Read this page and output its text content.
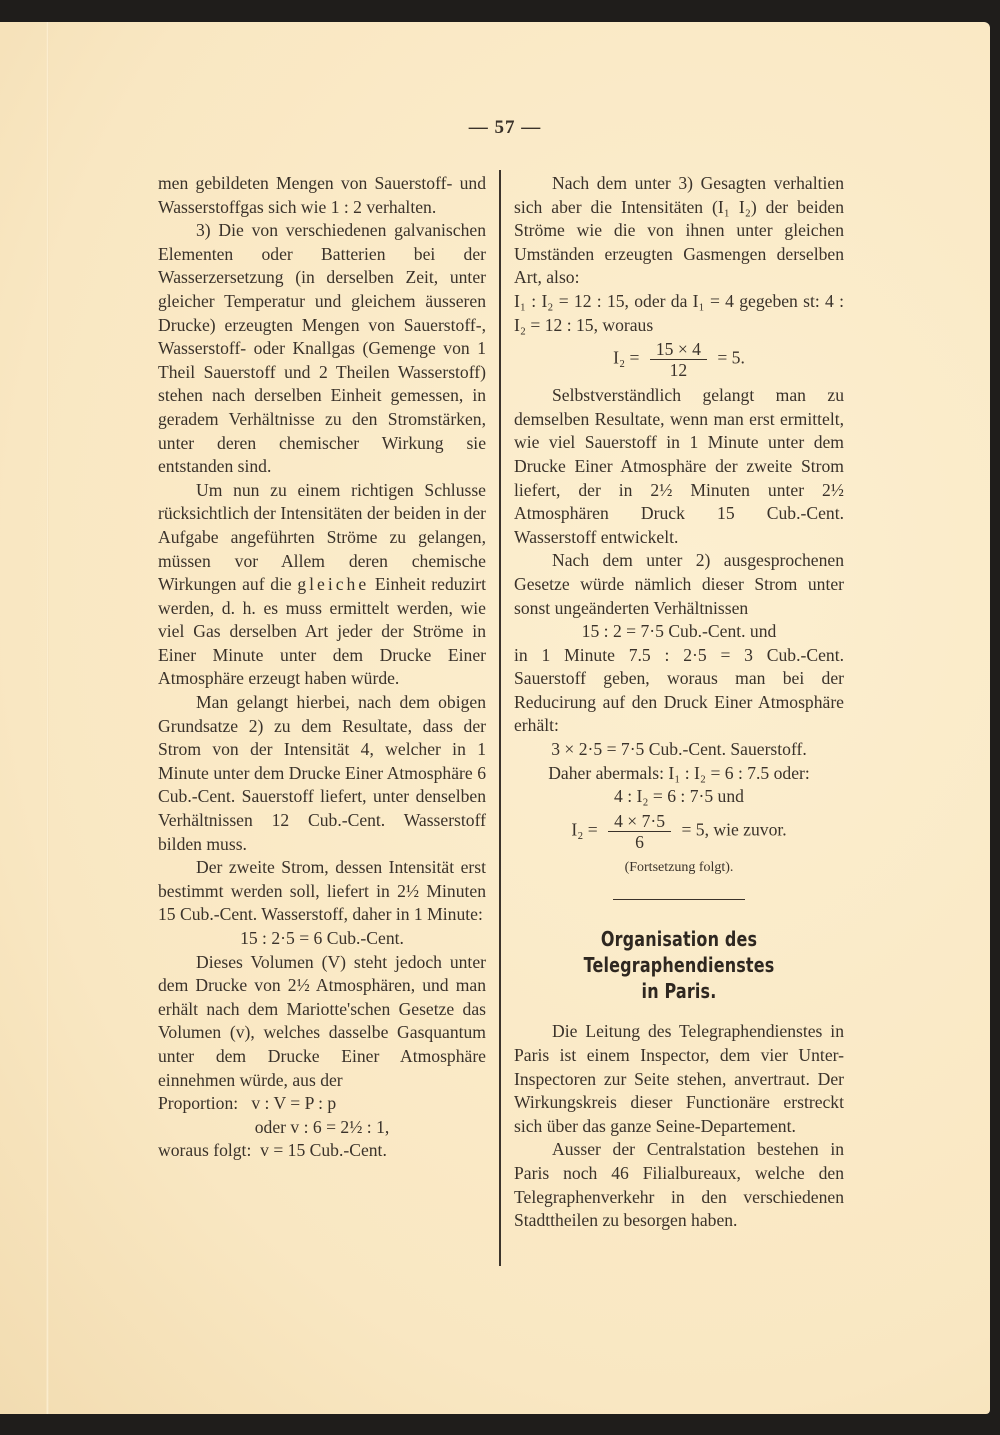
— 57 —

men gebildeten Mengen von Sauerstoff- und Wasserstoffgas sich wie 1 : 2 verhalten.

3) Die von verschiedenen galvanischen Elementen oder Batterien bei der Wasserzersetzung (in derselben Zeit, unter gleicher Temperatur und gleichem äusseren Drucke) erzeugten Mengen von Sauerstoff-, Wasserstoff- oder Knallgas (Gemenge von 1 Theil Sauerstoff und 2 Theilen Wasserstoff) stehen nach derselben Einheit gemessen, in geradem Verhältnisse zu den Stromstärken, unter deren chemischer Wirkung sie entstanden sind.

Um nun zu einem richtigen Schlusse rücksichtlich der Intensitäten der beiden in der Aufgabe angeführten Ströme zu gelangen, müssen vor Allem deren chemische Wirkungen auf die gleiche Einheit reduzirt werden, d. h. es muss ermittelt werden, wie viel Gas derselben Art jeder der Ströme in Einer Minute unter dem Drucke Einer Atmosphäre erzeugt haben würde.

Man gelangt hierbei, nach dem obigen Grundsatze 2) zu dem Resultate, dass der Strom von der Intensität 4, welcher in 1 Minute unter dem Drucke Einer Atmosphäre 6 Cub.-Cent. Sauerstoff liefert, unter denselben Verhältnissen 12 Cub.-Cent. Wasserstoff bilden muss.

Der zweite Strom, dessen Intensität erst bestimmt werden soll, liefert in 2½ Minuten 15 Cub.-Cent. Wasserstoff, daher in 1 Minute:

15 : 2·5 = 6 Cub.-Cent.

Dieses Volumen (V) steht jedoch unter dem Drucke von 2½ Atmosphären, und man erhält nach dem Mariotte'schen Gesetze das Volumen (v), welches dasselbe Gasquantum unter dem Drucke Einer Atmosphäre einnehmen würde, aus der

Proportion:   v : V = P : p

oder v : 6 = 2½ : 1,

woraus folgt:  v = 15 Cub.-Cent.

Nach dem unter 3) Gesagten verhaltien sich aber die Intensitäten (I₁ I₂) der beiden Ströme wie die von ihnen unter gleichen Umständen erzeugten Gasmengen derselben Art, also:

I₁ : I₂ = 12 : 15, oder da I₁ = 4 gegeben st: 4 : I₂ = 12 : 15, woraus

$I_2 = \frac{15 \times 4}{12} = 5$.

Selbstverständlich gelangt man zu demselben Resultate, wenn man erst ermittelt, wie viel Sauerstoff in 1 Minute unter dem Drucke Einer Atmosphäre der zweite Strom liefert, der in 2½ Minuten unter 2½ Atmosphären Druck 15 Cub.-Cent. Wasserstoff entwickelt.

Nach dem unter 2) ausgesprochenen Gesetze würde nämlich dieser Strom unter sonst ungeänderten Verhältnissen

15 : 2 = 7·5 Cub.-Cent. und

in 1 Minute 7.5 : 2·5 = 3 Cub.-Cent. Sauerstoff geben, woraus man bei der Reducirung auf den Druck Einer Atmosphäre erhält:

3 × 2·5 = 7·5 Cub.-Cent. Sauerstoff.

Daher abermals: I₁ : I₂ = 6 : 7.5 oder:

4 : I₂ = 6 : 7·5 und

$I_2 = \frac{4 \times 7\cdot 5}{6} = 5$, wie zuvor.

(Fortsetzung folgt).

Organisation des Telegraphendienstes
in Paris.

Die Leitung des Telegraphendienstes in Paris ist einem Inspector, dem vier Unter-Inspectoren zur Seite stehen, anvertraut. Der Wirkungskreis dieser Functionäre erstreckt sich über das ganze Seine-Departement.

Ausser der Centralstation bestehen in Paris noch 46 Filialbureaux, welche den Telegraphenverkehr in den verschiedenen Stadttheilen zu besorgen haben.
